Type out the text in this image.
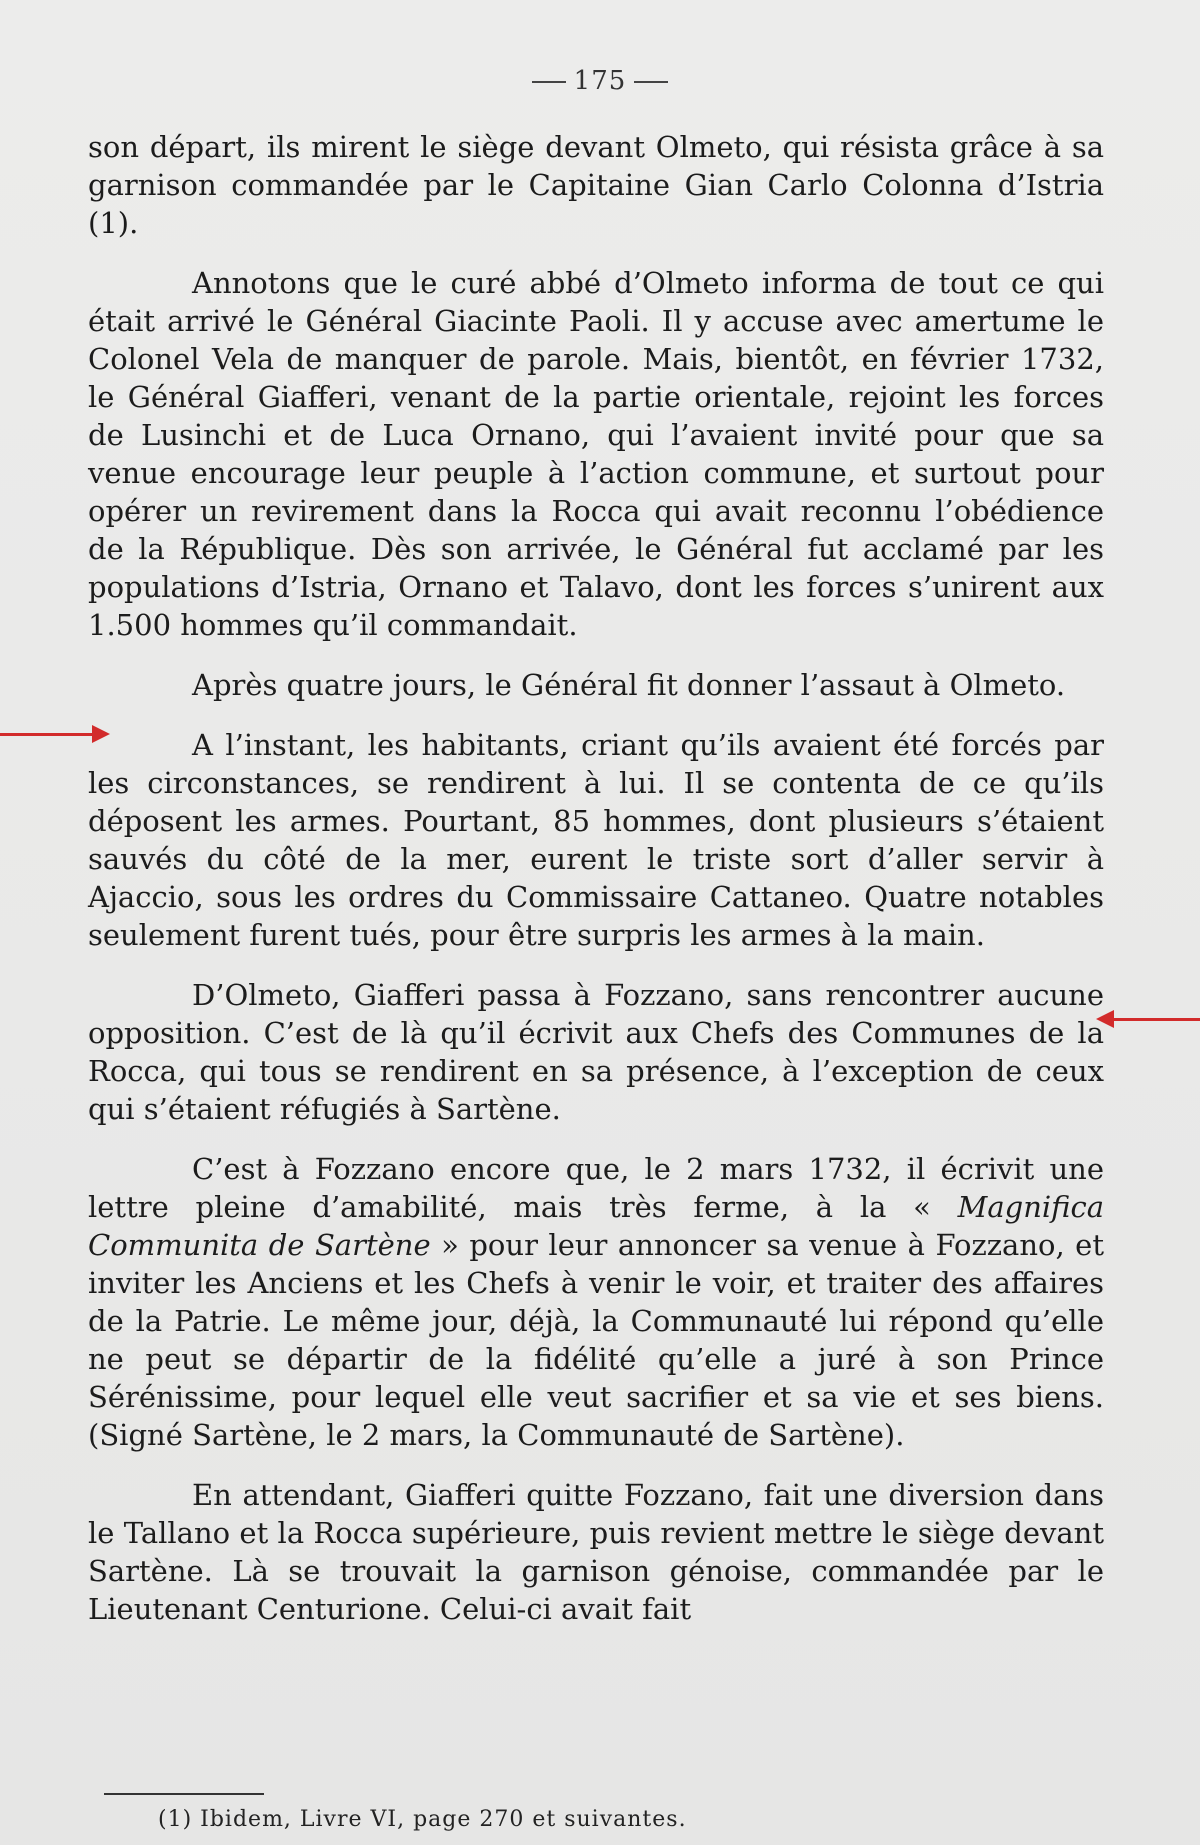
175

son départ, ils mirent le siège devant Olmeto, qui résista grâce à sa garnison commandée par le Capitaine Gian Carlo Colonna d’Istria (1).

Annotons que le curé abbé d’Olmeto informa de tout ce qui était arrivé le Général Giacinte Paoli. Il y accuse avec amertume le Colonel Vela de manquer de parole. Mais, bientôt, en février 1732, le Général Giafferi, venant de la partie orientale, rejoint les forces de Lusinchi et de Luca Ornano, qui l’avaient invité pour que sa venue encourage leur peuple à l’action commune, et surtout pour opérer un revirement dans la Rocca qui avait reconnu l’obédience de la République. Dès son arrivée, le Général fut acclamé par les populations d’Istria, Ornano et Talavo, dont les forces s’unirent aux 1.500 hommes qu’il commandait.

Après quatre jours, le Général fit donner l’assaut à Olmeto.

A l’instant, les habitants, criant qu’ils avaient été forcés par les circonstances, se rendirent à lui. Il se contenta de ce qu’ils déposent les armes. Pourtant, 85 hommes, dont plusieurs s’étaient sauvés du côté de la mer, eurent le triste sort d’aller servir à Ajaccio, sous les ordres du Commissaire Cattaneo. Quatre notables seulement furent tués, pour être surpris les armes à la main.

D’Olmeto, Giafferi passa à Fozzano, sans rencontrer aucune opposition. C’est de là qu’il écrivit aux Chefs des Communes de la Rocca, qui tous se rendirent en sa présence, à l’exception de ceux qui s’étaient réfugiés à Sartène.

C’est à Fozzano encore que, le 2 mars 1732, il écrivit une lettre pleine d’amabilité, mais très ferme, à la « Magnifica Communita de Sartène » pour leur annoncer sa venue à Fozzano, et inviter les Anciens et les Chefs à venir le voir, et traiter des affaires de la Patrie. Le même jour, déjà, la Communauté lui répond qu’elle ne peut se départir de la fidélité qu’elle a juré à son Prince Sérénissime, pour lequel elle veut sacrifier et sa vie et ses biens. (Signé Sartène, le 2 mars, la Communauté de Sartène).

En attendant, Giafferi quitte Fozzano, fait une diversion dans le Tallano et la Rocca supérieure, puis revient mettre le siège devant Sartène. Là se trouvait la garnison génoise, commandée par le Lieutenant Centurione. Celui-ci avait fait

(1) Ibidem, Livre VI, page 270 et suivantes.
